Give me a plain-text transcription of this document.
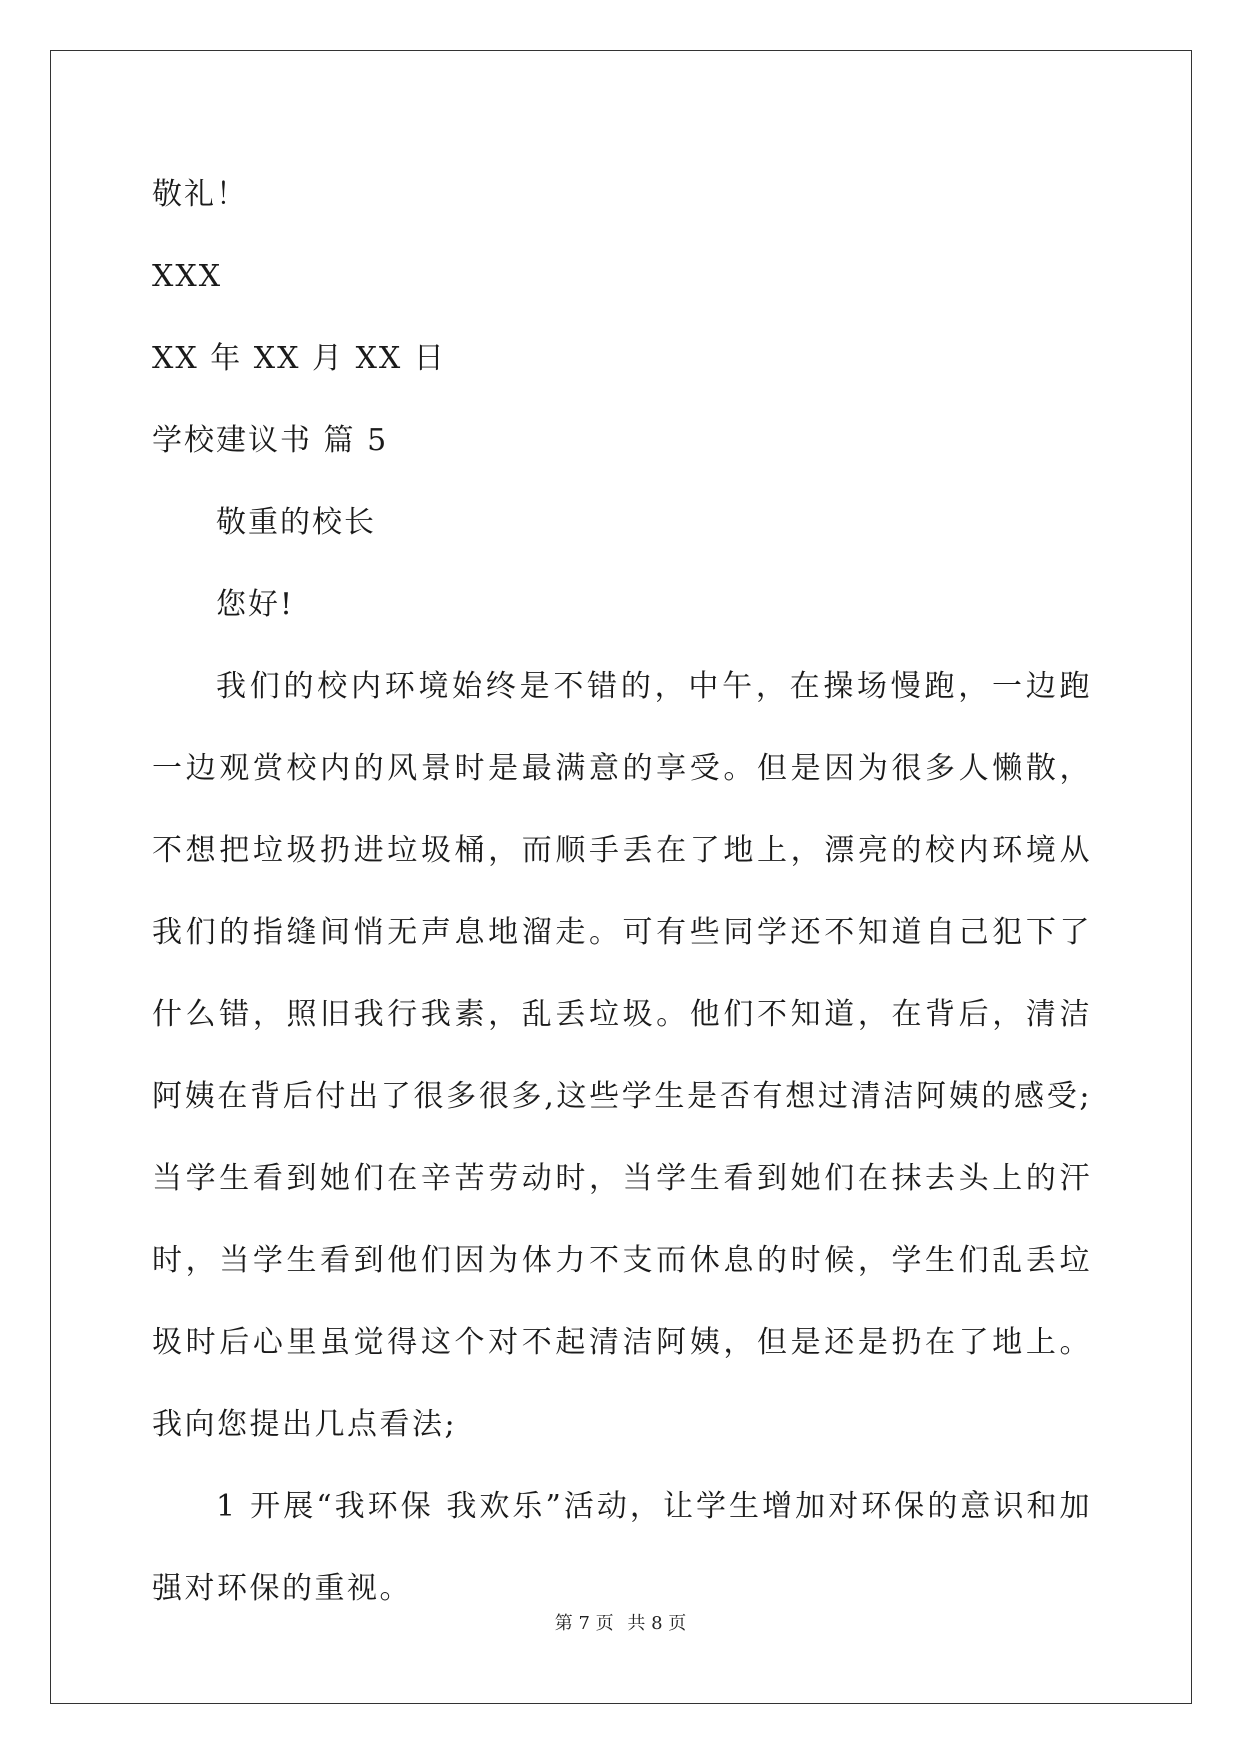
敬礼！
XXX
XX 年 XX 月 XX 日
学校建议书 篇 5
敬重的校长
您好!

我们的校内环境始终是不错的，中午，在操场慢跑，一边跑一边观赏校内的风景时是最满意的享受。但是因为很多人懒散，不想把垃圾扔进垃圾桶，而顺手丢在了地上，漂亮的校内环境从我们的指缝间悄无声息地溜走。可有些同学还不知道自己犯下了什么错，照旧我行我素，乱丢垃圾。他们不知道，在背后，清洁阿姨在背后付出了很多很多,这些学生是否有想过清洁阿姨的感受;当学生看到她们在辛苦劳动时，当学生看到她们在抹去头上的汗时，当学生看到他们因为体力不支而休息的时候，学生们乱丢垃圾时后心里虽觉得这个对不起清洁阿姨，但是还是扔在了地上。我向您提出几点看法;

1 开展“我环保 我欢乐”活动，让学生增加对环保的意识和加强对环保的重视。

第 7 页 共 8 页
